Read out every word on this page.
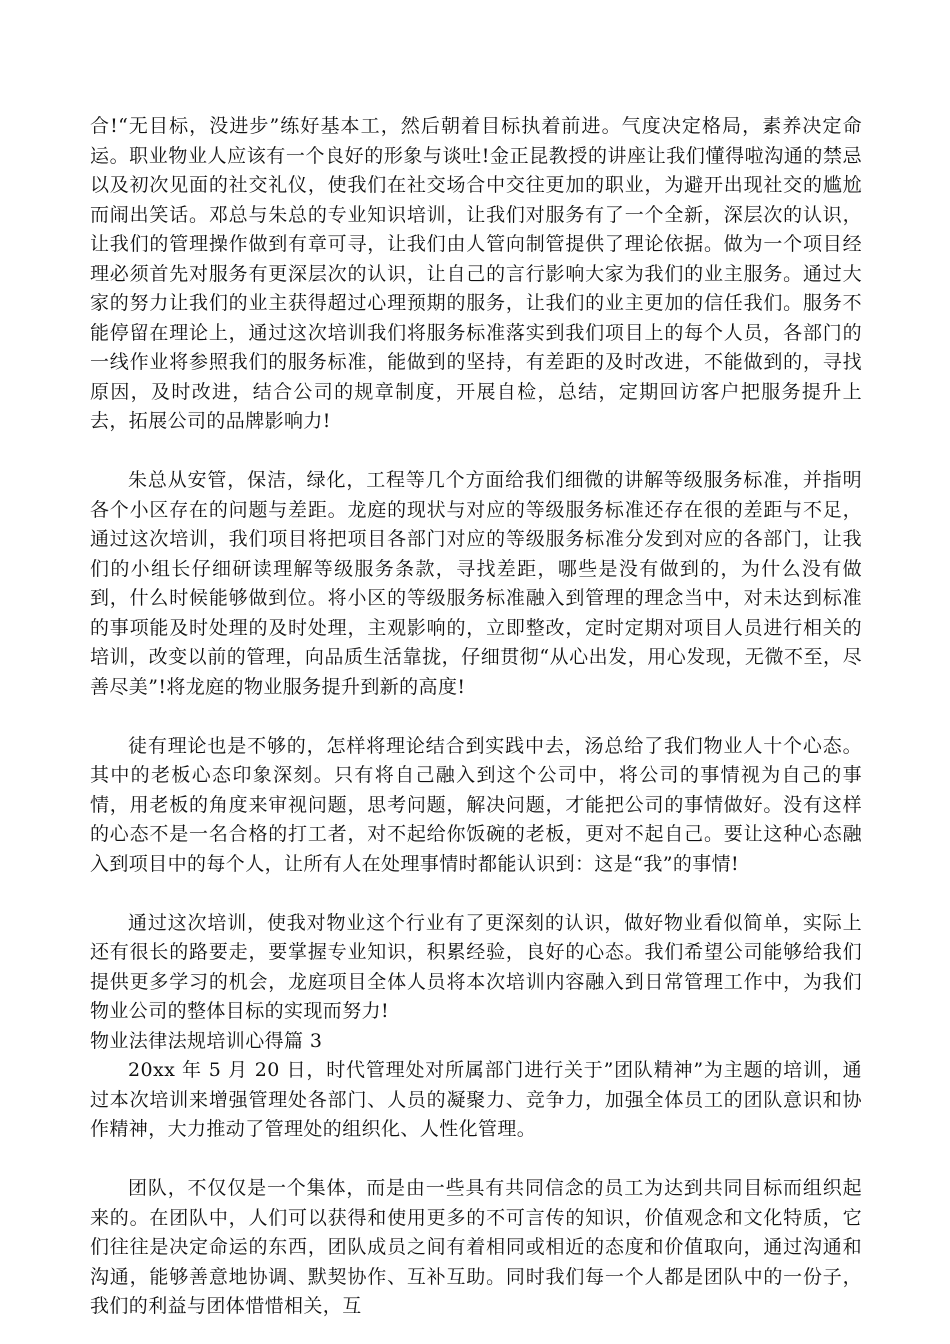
合!“无目标，没进步”练好基本工，然后朝着目标执着前进。气度决定格局，素养决定命运。职业物业人应该有一个良好的形象与谈吐!金正昆教授的讲座让我们懂得啦沟通的禁忌以及初次见面的社交礼仪，使我们在社交场合中交往更加的职业，为避开出现社交的尴尬而闹出笑话。邓总与朱总的专业知识培训，让我们对服务有了一个全新，深层次的认识，让我们的管理操作做到有章可寻，让我们由人管向制管提供了理论依据。做为一个项目经理必须首先对服务有更深层次的认识，让自己的言行影响大家为我们的业主服务。通过大家的努力让我们的业主获得超过心理预期的服务，让我们的业主更加的信任我们。服务不能停留在理论上，通过这次培训我们将服务标准落实到我们项目上的每个人员，各部门的一线作业将参照我们的服务标准，能做到的坚持，有差距的及时改进，不能做到的，寻找原因，及时改进，结合公司的规章制度，开展自检，总结，定期回访客户把服务提升上去，拓展公司的品牌影响力!

朱总从安管，保洁，绿化，工程等几个方面给我们细微的讲解等级服务标准，并指明各个小区存在的问题与差距。龙庭的现状与对应的等级服务标准还存在很的差距与不足，通过这次培训，我们项目将把项目各部门对应的等级服务标准分发到对应的各部门，让我们的小组长仔细研读理解等级服务条款，寻找差距，哪些是没有做到的，为什么没有做到，什么时候能够做到位。将小区的等级服务标准融入到管理的理念当中，对未达到标准的事项能及时处理的及时处理，主观影响的，立即整改，定时定期对项目人员进行相关的培训，改变以前的管理，向品质生活靠拢，仔细贯彻“从心出发，用心发现，无微不至，尽善尽美”!将龙庭的物业服务提升到新的高度!

徒有理论也是不够的，怎样将理论结合到实践中去，汤总给了我们物业人十个心态。其中的老板心态印象深刻。只有将自己融入到这个公司中，将公司的事情视为自己的事情，用老板的角度来审视问题，思考问题，解决问题，才能把公司的事情做好。没有这样的心态不是一名合格的打工者，对不起给你饭碗的老板，更对不起自己。要让这种心态融入到项目中的每个人，让所有人在处理事情时都能认识到：这是“我”的事情!

通过这次培训，使我对物业这个行业有了更深刻的认识，做好物业看似简单，实际上还有很长的路要走，要掌握专业知识，积累经验，良好的心态。我们希望公司能够给我们提供更多学习的机会，龙庭项目全体人员将本次培训内容融入到日常管理工作中，为我们物业公司的整体目标的实现而努力!

物业法律法规培训心得篇 3

20xx 年 5 月 20 日，时代管理处对所属部门进行关于”团队精神”为主题的培训，通过本次培训来增强管理处各部门、人员的凝聚力、竞争力，加强全体员工的团队意识和协作精神，大力推动了管理处的组织化、人性化管理。

团队，不仅仅是一个集体，而是由一些具有共同信念的员工为达到共同目标而组织起来的。在团队中，人们可以获得和使用更多的不可言传的知识，价值观念和文化特质，它们往往是决定命运的东西，团队成员之间有着相同或相近的态度和价值取向，通过沟通和沟通，能够善意地协调、默契协作、互补互助。同时我们每一个人都是团队中的一份子，我们的利益与团体惜惜相关，互
